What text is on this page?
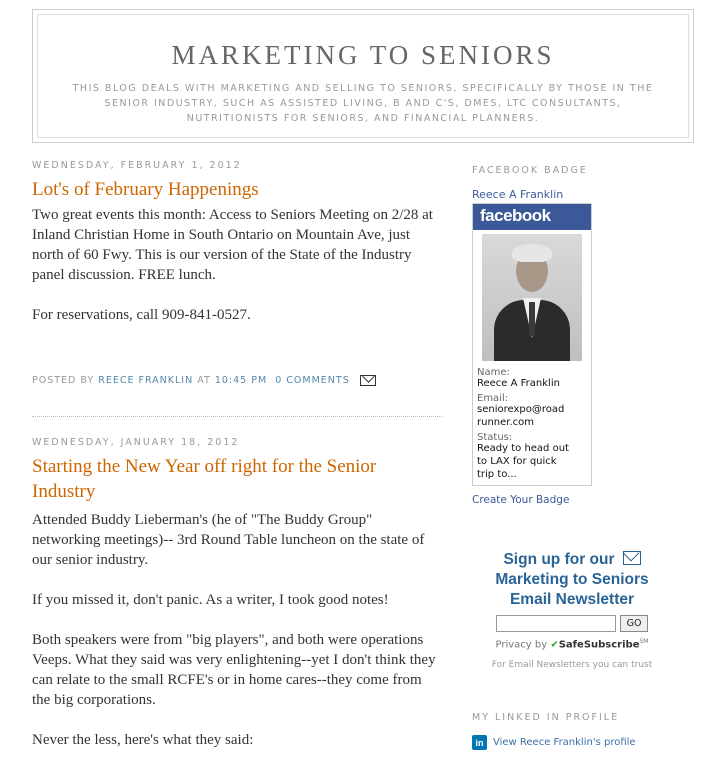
MARKETING TO SENIORS
THIS BLOG DEALS WITH MARKETING AND SELLING TO SENIORS, SPECIFICALLY BY THOSE IN THE SENIOR INDUSTRY, SUCH AS ASSISTED LIVING, B AND C'S, DMES, LTC CONSULTANTS, NUTRITIONISTS FOR SENIORS, AND FINANCIAL PLANNERS.
WEDNESDAY, FEBRUARY 1, 2012
Lot's of February Happenings

Two great events this month: Access to Seniors Meeting on 2/28 at Inland Christian Home in South Ontario on Mountain Ave, just north of 60 Fwy. This is our version of the State of the Industry panel discussion. FREE lunch.

For reservations, call 909-841-0527.

POSTED BY
REECE FRANKLIN
AT
10:45 PM
0 COMMENTS
WEDNESDAY, JANUARY 18, 2012
Starting the New Year off right for the Senior Industry

Attended Buddy Lieberman's (he of "The Buddy Group" networking meetings)-- 3rd Round Table luncheon on the state of our senior industry.

If you missed it, don't panic. As a writer, I took good notes!

Both speakers were from "big players", and both were operations Veeps. What they said was very enlightening--yet I don't think they can relate to the small RCFE's or in home cares--they come from the big corporations.

Never the less, here's what they said:

FACEBOOK BADGE
Reece A Franklin
facebook
Name:
Reece A Franklin
Email:
seniorexpo@road
runner.com
Status:
Ready to head out
to LAX for quick
trip to...
Create Your Badge
Sign up for our
Marketing to Seniors
Email Newsletter
GO
Privacy by ✔SafeSubscribe℠
For Email Newsletters you can trust
MY LINKED IN PROFILE
in View Reece Franklin's profile
